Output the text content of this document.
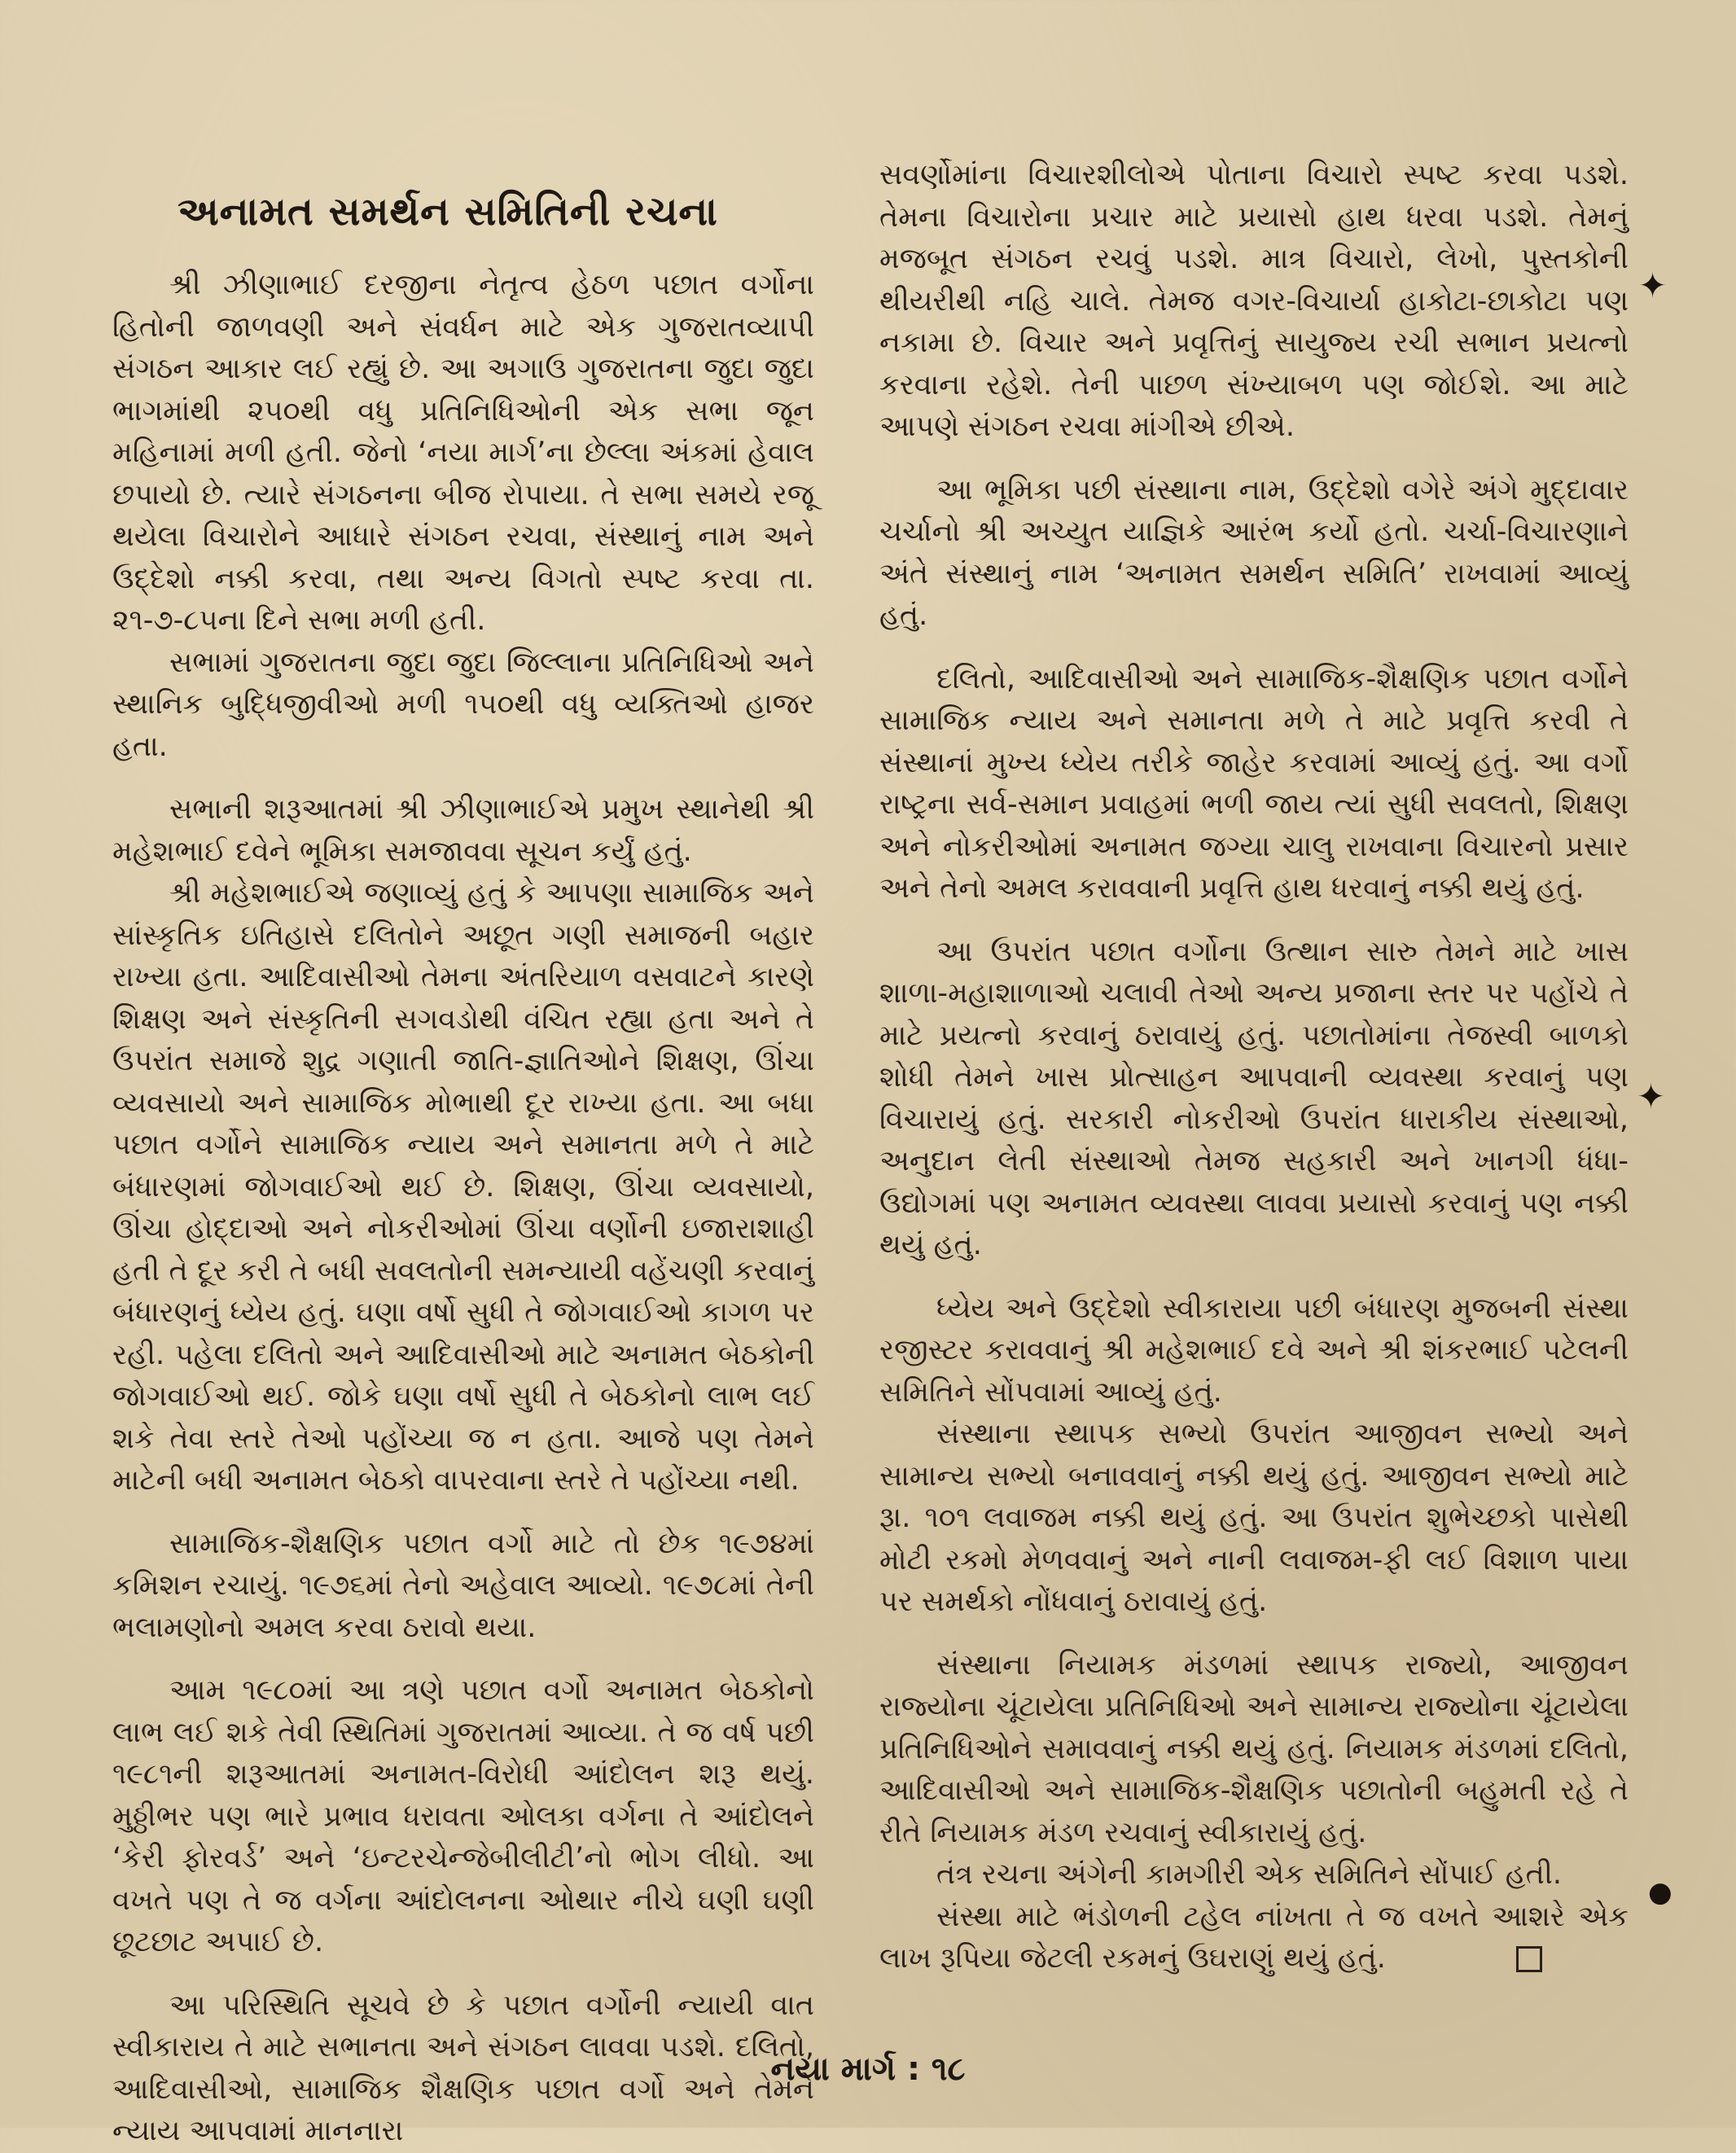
અનામત સમર્થન સમિતિની રચના

શ્રી ઝીણાભાઈ દરજીના નેતૃત્વ હેઠળ પછાત વર્ગોના હિતોની જાળવણી અને સંવર્ધન માટે એક ગુજરાતવ્યાપી સંગઠન આકાર લઈ રહ્યું છે. આ અગાઉ ગુજરાતના જુદા જુદા ભાગમાંથી ૨૫૦થી વધુ પ્રતિનિધિઓની એક સભા જૂન મહિનામાં મળી હતી. જેનો ‘નયા માર્ગ’ના છેલ્લા અંકમાં હેવાલ છપાયો છે. ત્યારે સંગઠનના બીજ રોપાયા. તે સભા સમયે રજૂ થયેલા વિચારોને આધારે સંગઠન રચવા, સંસ્થાનું નામ અને ઉદ્દેશો નક્કી કરવા, તથા અન્ય વિગતો સ્પષ્ટ કરવા તા. ૨૧-૭-૮૫ના દિને સભા મળી હતી.

સભામાં ગુજરાતના જુદા જુદા જિલ્લાના પ્રતિનિધિઓ અને સ્થાનિક બુદ્ધિજીવીઓ મળી ૧૫૦થી વધુ વ્યક્તિઓ હાજર હતા.

સભાની શરૂઆતમાં શ્રી ઝીણાભાઈએ પ્રમુખ સ્થાનેથી શ્રી મહેશભાઈ દવેને ભૂમિકા સમજાવવા સૂચન કર્યું હતું.

શ્રી મહેશભાઈએ જણાવ્યું હતું કે આપણા સામાજિક અને સાંસ્કૃતિક ઇતિહાસે દલિતોને અછૂત ગણી સમાજની બહાર રાખ્યા હતા. આદિવાસીઓ તેમના અંતરિયાળ વસવાટને કારણે શિક્ષણ અને સંસ્કૃતિની સગવડોથી વંચિત રહ્યા હતા અને તે ઉપરાંત સમાજે શુદ્ર ગણાતી જાતિ-જ્ઞાતિઓને શિક્ષણ, ઊંચા વ્યવસાયો અને સામાજિક મોભાથી દૂર રાખ્યા હતા. આ બધા પછાત વર્ગોને સામાજિક ન્યાય અને સમાનતા મળે તે માટે બંધારણમાં જોગવાઈઓ થઈ છે. શિક્ષણ, ઊંચા વ્યવસાયો, ઊંચા હોદ્દાઓ અને નોકરીઓમાં ઊંચા વર્ણોની ઇજારાશાહી હતી તે દૂર કરી તે બધી સવલતોની સમન્યાયી વહેંચણી કરવાનું બંધારણનું ધ્યેય હતું. ઘણા વર્ષો સુધી તે જોગવાઈઓ કાગળ પર રહી. પહેલા દલિતો અને આદિવાસીઓ માટે અનામત બેઠકોની જોગવાઈઓ થઈ. જોકે ઘણા વર્ષો સુધી તે બેઠકોનો લાભ લઈ શકે તેવા સ્તરે તેઓ પહોંચ્યા જ ન હતા. આજે પણ તેમને માટેની બધી અનામત બેઠકો વાપરવાના સ્તરે તે પહોંચ્યા નથી.

સામાજિક-શૈક્ષણિક પછાત વર્ગો માટે તો છેક ૧૯૭૪માં કમિશન રચાયું. ૧૯૭૬માં તેનો અહેવાલ આવ્યો. ૧૯૭૮માં તેની ભલામણોનો અમલ કરવા ઠરાવો થયા.

આમ ૧૯૮૦માં આ ત્રણે પછાત વર્ગો અનામત બેઠકોનો લાભ લઈ શકે તેવી સ્થિતિમાં ગુજરાતમાં આવ્યા. તે જ વર્ષ પછી ૧૯૮૧ની શરૂઆતમાં અનામત-વિરોધી આંદોલન શરૂ થયું. મુઠ્ઠીભર પણ ભારે પ્રભાવ ધરાવતા ઓલકા વર્ગના તે આંદોલને ‘કેરી ફોરવર્ડ’ અને ‘ઇન્ટરચેન્જેબીલીટી’નો ભોગ લીધો. આ વખતે પણ તે જ વર્ગના આંદોલનના ઓથાર નીચે ઘણી ઘણી છૂટછાટ અપાઈ છે.

આ પરિસ્થિતિ સૂચવે છે કે પછાત વર્ગોની ન્યાયી વાત સ્વીકારાય તે માટે સભાનતા અને સંગઠન લાવવા પડશે. દલિતો, આદિવાસીઓ, સામાજિક શૈક્ષણિક પછાત વર્ગો અને તેમને ન્યાય આપવામાં માનનારા

સવર્ણોમાંના વિચારશીલોએ પોતાના વિચારો સ્પષ્ટ કરવા પડશે. તેમના વિચારોના પ્રચાર માટે પ્રયાસો હાથ ધરવા પડશે. તેમનું મજબૂત સંગઠન રચવું પડશે. માત્ર વિચારો, લેખો, પુસ્તકોની થીયરીથી નહિ ચાલે. તેમજ વગર-વિચાર્યા હાકોટા-છાકોટા પણ નકામા છે. વિચાર અને પ્રવૃત્તિનું સાયુજ્ય રચી સભાન પ્રયત્નો કરવાના રહેશે. તેની પાછળ સંખ્યાબળ પણ જોઈશે. આ માટે આપણે સંગઠન રચવા માંગીએ છીએ.

આ ભૂમિકા પછી સંસ્થાના નામ, ઉદ્દેશો વગેરે અંગે મુદ્દાવાર ચર્ચાનો શ્રી અચ્યુત યાજ્ઞિકે આરંભ કર્યો હતો. ચર્ચા-વિચારણાને અંતે સંસ્થાનું નામ ‘અનામત સમર્થન સમિતિ’ રાખવામાં આવ્યું હતું.

દલિતો, આદિવાસીઓ અને સામાજિક-શૈક્ષણિક પછાત વર્ગોને સામાજિક ન્યાય અને સમાનતા મળે તે માટે પ્રવૃત્તિ કરવી તે સંસ્થાનાં મુખ્ય ધ્યેય તરીકે જાહેર કરવામાં આવ્યું હતું. આ વર્ગો રાષ્ટ્રના સર્વ-સમાન પ્રવાહમાં ભળી જાય ત્યાં સુધી સવલતો, શિક્ષણ અને નોકરીઓમાં અનામત જગ્યા ચાલુ રાખવાના વિચારનો પ્રસાર અને તેનો અમલ કરાવવાની પ્રવૃત્તિ હાથ ધરવાનું નક્કી થયું હતું.

આ ઉપરાંત પછાત વર્ગોના ઉત્થાન સારુ તેમને માટે ખાસ શાળા-મહાશાળાઓ ચલાવી તેઓ અન્ય પ્રજાના સ્તર પર પહોંચે તે માટે પ્રયત્નો કરવાનું ઠરાવાયું હતું. પછાતોમાંના તેજસ્વી બાળકો શોધી તેમને ખાસ પ્રોત્સાહન આપવાની વ્યવસ્થા કરવાનું પણ વિચારાયું હતું. સરકારી નોકરીઓ ઉપરાંત ધારાકીય સંસ્થાઓ, અનુદાન લેતી સંસ્થાઓ તેમજ સહકારી અને ખાનગી ધંધા-ઉદ્યોગમાં પણ અનામત વ્યવસ્થા લાવવા પ્રયાસો કરવાનું પણ નક્કી થયું હતું.

ધ્યેય અને ઉદ્દેશો સ્વીકારાયા પછી બંધારણ મુજબની સંસ્થા રજીસ્ટર કરાવવાનું શ્રી મહેશભાઈ દવે અને શ્રી શંકરભાઈ પટેલની સમિતિને સોંપવામાં આવ્યું હતું.

સંસ્થાના સ્થાપક સભ્યો ઉપરાંત આજીવન સભ્યો અને સામાન્ય સભ્યો બનાવવાનું નક્કી થયું હતું. આજીવન સભ્યો માટે રૂા. ૧૦૧ લવાજમ નક્કી થયું હતું. આ ઉપરાંત શુભેચ્છકો પાસેથી મોટી રકમો મેળવવાનું અને નાની લવાજમ-ફી લઈ વિશાળ પાયા પર સમર્થકો નોંધવાનું ઠરાવાયું હતું.

સંસ્થાના નિયામક મંડળમાં સ્થાપક રાજ્યો, આજીવન રાજ્યોના ચૂંટાયેલા પ્રતિનિધિઓ અને સામાન્ય રાજ્યોના ચૂંટાયેલા પ્રતિનિધિઓને સમાવવાનું નક્કી થયું હતું. નિયામક મંડળમાં દલિતો, આદિવાસીઓ અને સામાજિક-શૈક્ષણિક પછાતોની બહુમતી રહે તે રીતે નિયામક મંડળ રચવાનું સ્વીકારાયું હતું.

તંત્ર રચના અંગેની કામગીરી એક સમિતિને સોંપાઈ હતી.

સંસ્થા માટે ભંડોળની ટહેલ નાંખતા તે જ વખતે આશરે એક લાખ રૂપિયા જેટલી રકમનું ઉઘરાણું થયું હતું.

નયા માર્ગ : ૧૮
✦
✦
●
